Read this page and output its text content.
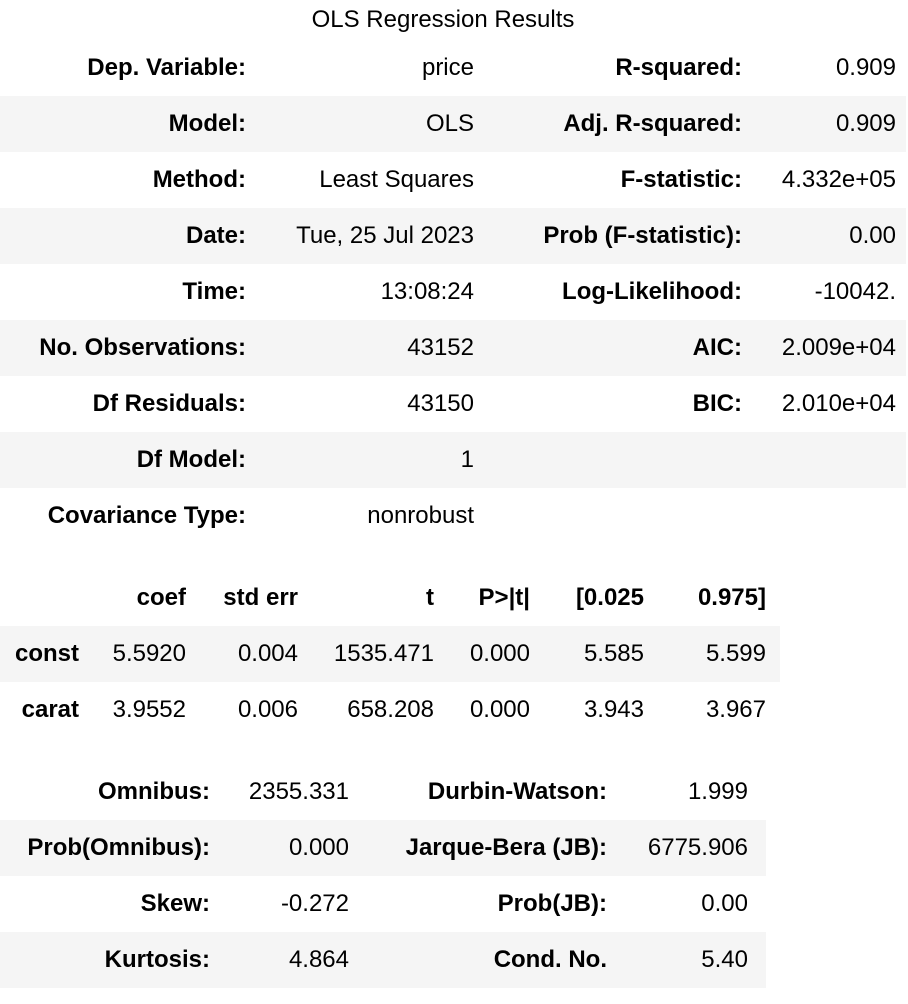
OLS Regression Results
Dep. Variable:	price	R-squared:	0.909
Model:	OLS	Adj. R-squared:	0.909
Method:	Least Squares	F-statistic:	4.332e+05
Date:	Tue, 25 Jul 2023	Prob (F-statistic):	0.00
Time:	13:08:24	Log-Likelihood:	-10042.
No. Observations:	43152	AIC:	2.009e+04
Df Residuals:	43150	BIC:	2.010e+04
Df Model:	1		
Covariance Type:	nonrobust		
	coef	std err	t	P>|t|	[0.025	0.975]
const	5.5920	0.004	1535.471	0.000	5.585	5.599
carat	3.9552	0.006	658.208	0.000	3.943	3.967
Omnibus:	2355.331	Durbin-Watson:	1.999
Prob(Omnibus):	0.000	Jarque-Bera (JB):	6775.906
Skew:	-0.272	Prob(JB):	0.00
Kurtosis:	4.864	Cond. No.	5.40
